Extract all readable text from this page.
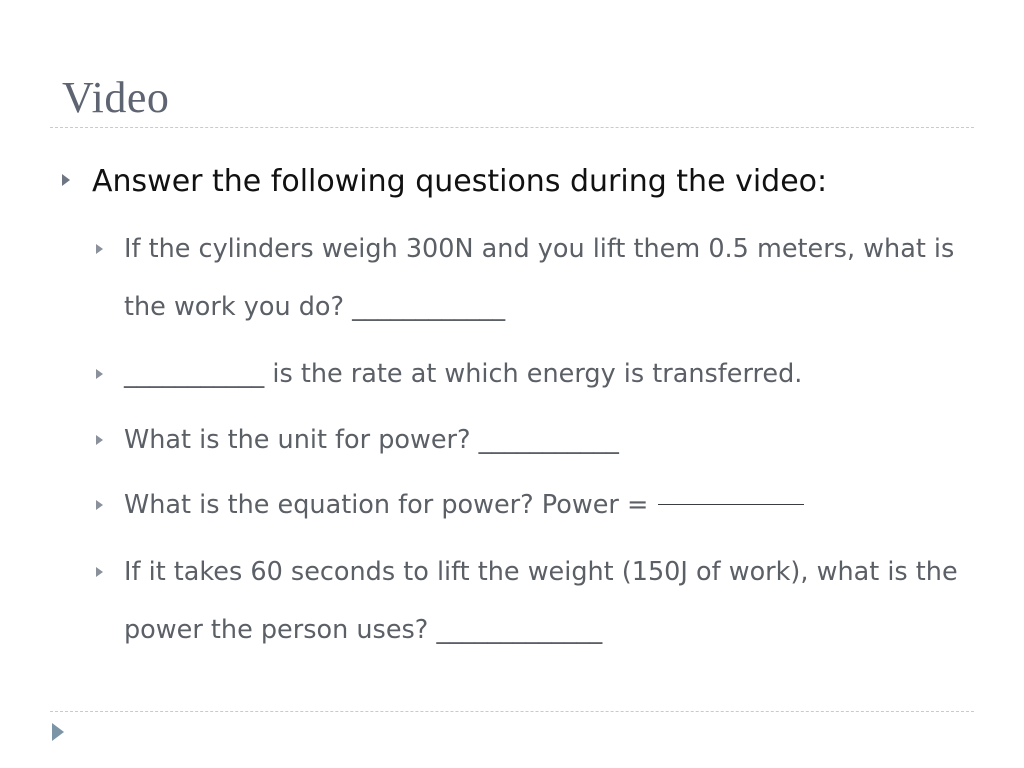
Video
Answer the following questions during the video:
If the cylinders weigh 300N and you lift them 0.5 meters, what is the work you do? ____________
___________ is the rate at which energy is transferred.
What is the unit for power? ___________
What is the equation for power? Power =
If it takes 60 seconds to lift the weight (150J of work), what is the power the person uses? _____________
